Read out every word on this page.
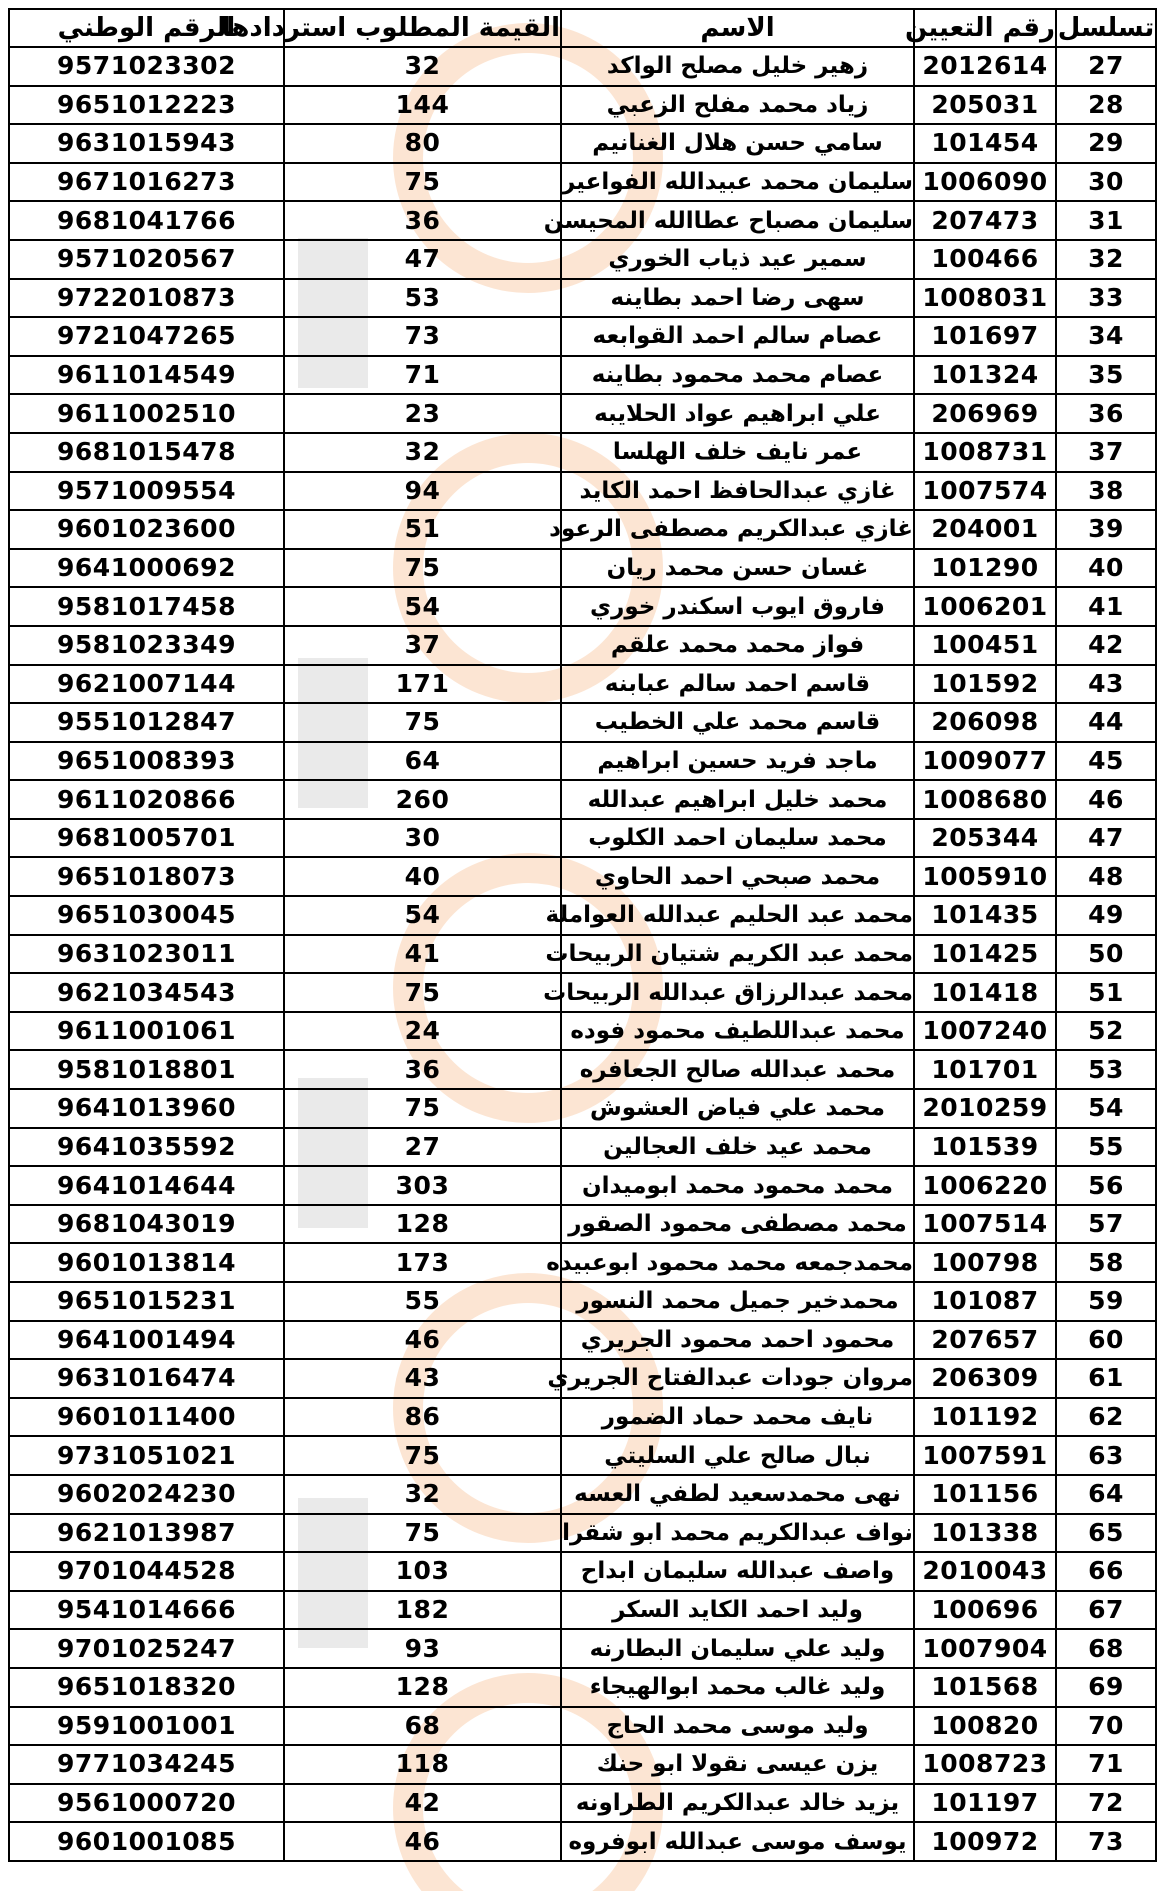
تسلسل	رقم التعيين	الاسم	القيمة المطلوب استردادها	الرقم الوطني
27	2012614	زهير خليل مصلح الواكد	32	9571023302
28	205031	زياد محمد مفلح الزعبي	144	9651012223
29	101454	سامي حسن هلال الغنانيم	80	9631015943
30	1006090	سليمان محمد عبيدالله الفواعير	75	9671016273
31	207473	سليمان مصباح عطاالله المحيسن	36	9681041766
32	100466	سمير عيد ذياب الخوري	47	9571020567
33	1008031	سهى رضا احمد بطاينه	53	9722010873
34	101697	عصام سالم احمد القوابعه	73	9721047265
35	101324	عصام محمد محمود بطاينه	71	9611014549
36	206969	علي ابراهيم عواد الحلايبه	23	9611002510
37	1008731	عمر نايف خلف الهلسا	32	9681015478
38	1007574	غازي عبدالحافظ احمد الكايد	94	9571009554
39	204001	غازي عبدالكريم مصطفى الرعود	51	9601023600
40	101290	غسان حسن محمد ريان	75	9641000692
41	1006201	فاروق ايوب اسكندر خوري	54	9581017458
42	100451	فواز محمد محمد علقم	37	9581023349
43	101592	قاسم احمد سالم عبابنه	171	9621007144
44	206098	قاسم محمد علي الخطيب	75	9551012847
45	1009077	ماجد فريد حسين ابراهيم	64	9651008393
46	1008680	محمد خليل ابراهيم عبدالله	260	9611020866
47	205344	محمد سليمان احمد الكلوب	30	9681005701
48	1005910	محمد صبحي احمد الحاوي	40	9651018073
49	101435	محمد عبد الحليم عبدالله العواملة	54	9651030045
50	101425	محمد عبد الكريم شتيان الربيحات	41	9631023011
51	101418	محمد عبدالرزاق عبدالله الربيحات	75	9621034543
52	1007240	محمد عبداللطيف محمود فوده	24	9611001061
53	101701	محمد عبدالله صالح الجعافره	36	9581018801
54	2010259	محمد علي فياض العشوش	75	9641013960
55	101539	محمد عيد خلف العجالين	27	9641035592
56	1006220	محمد محمود محمد ابوميدان	303	9641014644
57	1007514	محمد مصطفى محمود الصقور	128	9681043019
58	100798	محمدجمعه محمد محمود ابوعبيده	173	9601013814
59	101087	محمدخير جميل محمد النسور	55	9651015231
60	207657	محمود احمد محمود الجريري	46	9641001494
61	206309	مروان جودات عبدالفتاح الجريري	43	9631016474
62	101192	نايف محمد حماد الضمور	86	9601011400
63	1007591	نبال صالح علي السليتي	75	9731051021
64	101156	نهى محمدسعيد لطفي العسه	32	9602024230
65	101338	نواف عبدالكريم محمد ابو شقرا	75	9621013987
66	2010043	واصف عبدالله سليمان ابداح	103	9701044528
67	100696	وليد احمد الكايد السكر	182	9541014666
68	1007904	وليد علي سليمان البطارنه	93	9701025247
69	101568	وليد غالب محمد ابوالهيجاء	128	9651018320
70	100820	وليد موسى محمد الحاج	68	9591001001
71	1008723	يزن عيسى نقولا ابو حنك	118	9771034245
72	101197	يزيد خالد عبدالكريم الطراونه	42	9561000720
73	100972	يوسف موسى عبدالله ابوفروه	46	9601001085
